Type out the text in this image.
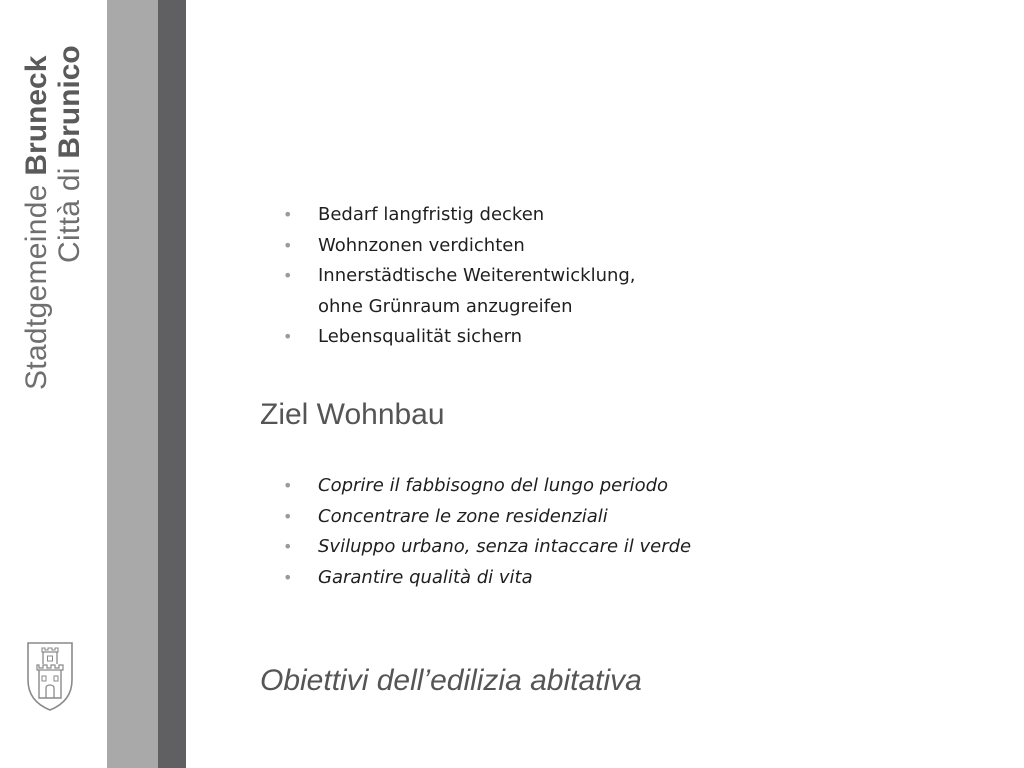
Stadtgemeinde Bruneck
Città di Brunico
• Bedarf langfristig decken
• Wohnzonen verdichten
• Innerstädtische Weiterentwicklung,
ohne Grünraum anzugreifen
• Lebensqualität sichern
Ziel Wohnbau
• Coprire il fabbisogno del lungo periodo
• Concentrare le zone residenziali
• Sviluppo urbano, senza intaccare il verde
• Garantire qualità di vita
Obiettivi dell’edilizia abitativa
